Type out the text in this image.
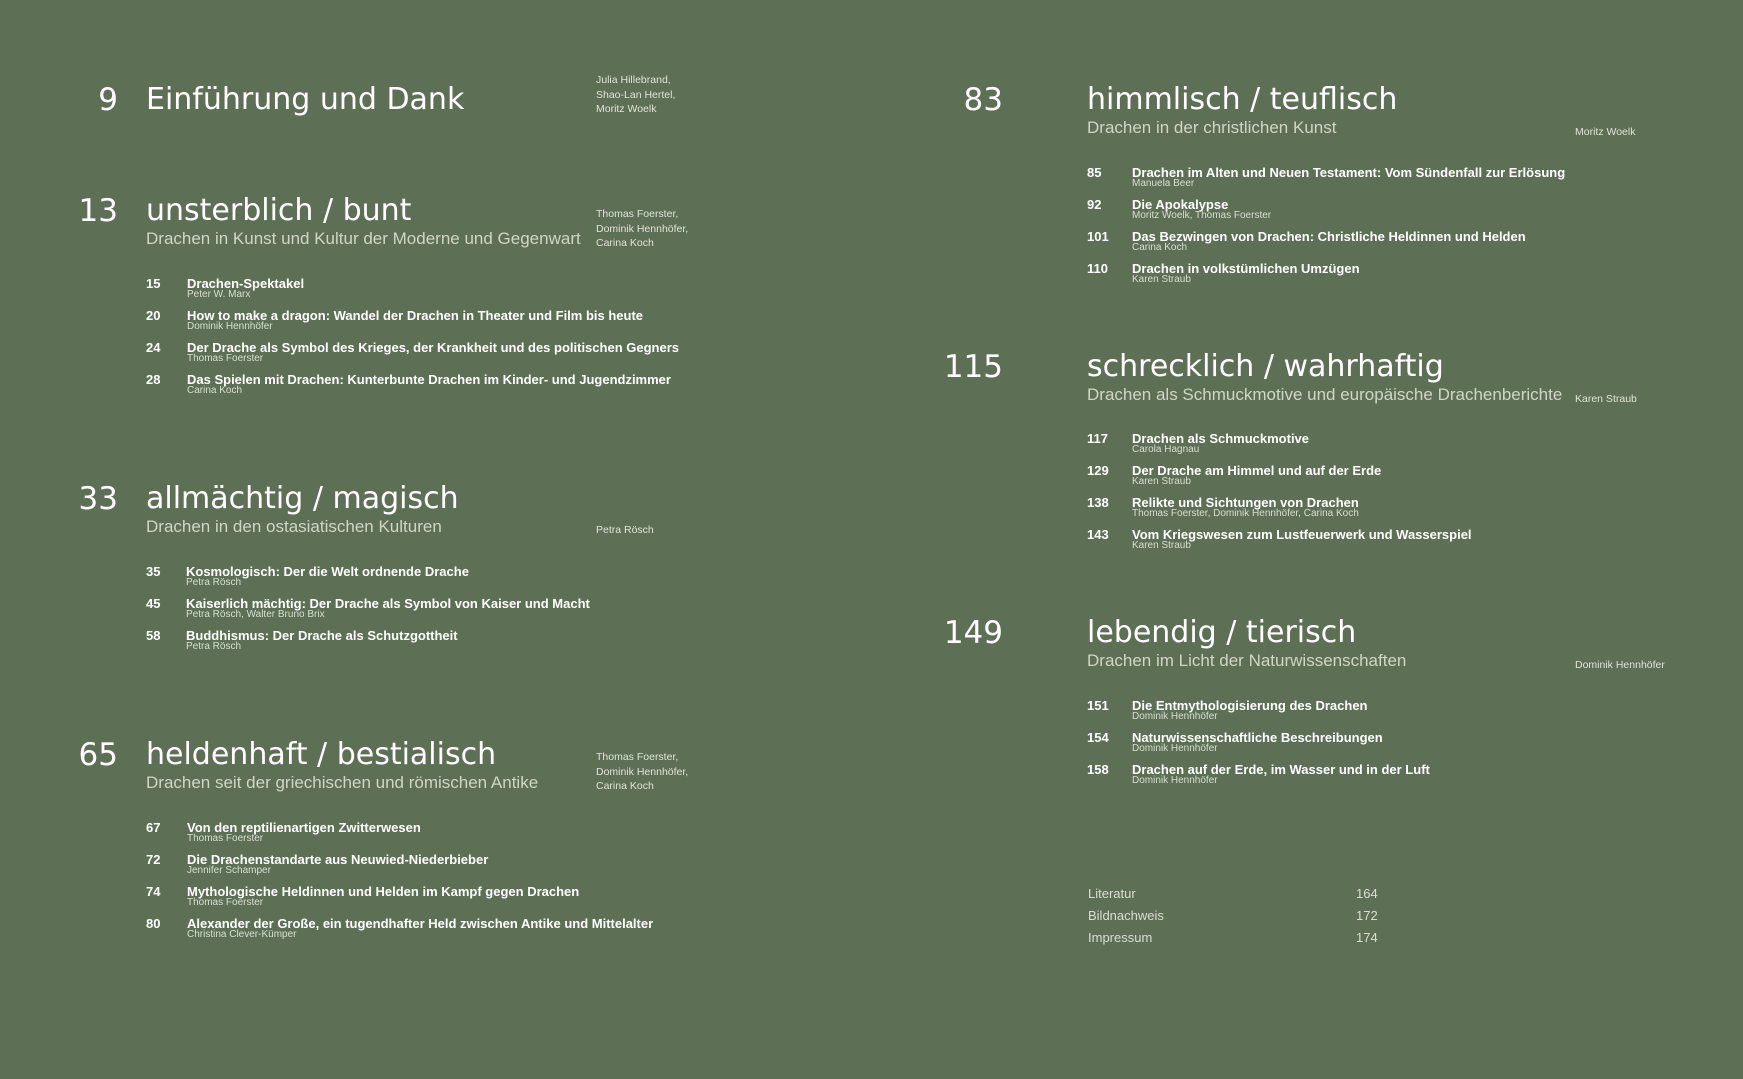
9 Einführung und Dank
Julia Hillebrand,
Shao-Lan Hertel,
Moritz Woelk
13 unsterblich / bunt
Drachen in Kunst und Kultur der Moderne und Gegenwart
Thomas Foerster,
Dominik Hennhöfer,
Carina Koch
15 Drachen-Spektakel
Peter W. Marx
20 How to make a dragon: Wandel der Drachen in Theater und Film bis heute
Dominik Hennhöfer
24 Der Drache als Symbol des Krieges, der Krankheit und des politischen Gegners
Thomas Foerster
28 Das Spielen mit Drachen: Kunterbunte Drachen im Kinder- und Jugendzimmer
Carina Koch
33 allmächtig / magisch
Drachen in den ostasiatischen Kulturen	Petra Rösch
35 Kosmologisch: Der die Welt ordnende Drache
Petra Rösch
45 Kaiserlich mächtig: Der Drache als Symbol von Kaiser und Macht
Petra Rösch, Walter Bruno Brix
58 Buddhismus: Der Drache als Schutzgottheit
Petra Rösch
65 heldenhaft / bestialisch
Drachen seit der griechischen und römischen Antike
Thomas Foerster,
Dominik Hennhöfer,
Carina Koch
67 Von den reptilienartigen Zwitterwesen
Thomas Foerster
72 Die Drachenstandarte aus Neuwied-Niederbieber
Jennifer Schamper
74 Mythologische Heldinnen und Helden im Kampf gegen Drachen
Thomas Foerster
80 Alexander der Große, ein tugendhafter Held zwischen Antike und Mittelalter
Christina Clever-Kümper
83	himmlisch / teuflisch
Drachen in der christlichen Kunst	Moritz Woelk
85 Drachen im Alten und Neuen Testament: Vom Sündenfall zur Erlösung
Manuela Beer
92 Die Apokalypse
Moritz Woelk, Thomas Foerster
101 Das Bezwingen von Drachen: Christliche Heldinnen und Helden
Carina Koch
110 Drachen in volkstümlichen Umzügen
Karen Straub
115	schrecklich / wahrhaftig
Drachen als Schmuckmotive und europäische Drachenberichte Karen Straub
117 Drachen als Schmuckmotive
Carola Hagnau
129 Der Drache am Himmel und auf der Erde
Karen Straub
138 Relikte und Sichtungen von Drachen
Thomas Foerster, Dominik Hennhöfer, Carina Koch
143 Vom Kriegswesen zum Lustfeuerwerk und Wasserspiel
Karen Straub
149	lebendig / tierisch
Drachen im Licht der Naturwissenschaften	Dominik Hennhöfer
151 Die Entmythologisierung des Drachen
Dominik Hennhöfer
154 Naturwissenschaftliche Beschreibungen
Dominik Hennhöfer
158 Drachen auf der Erde, im Wasser und in der Luft
Dominik Hennhöfer
Literatur	164
Bildnachweis	172
Impressum	174
